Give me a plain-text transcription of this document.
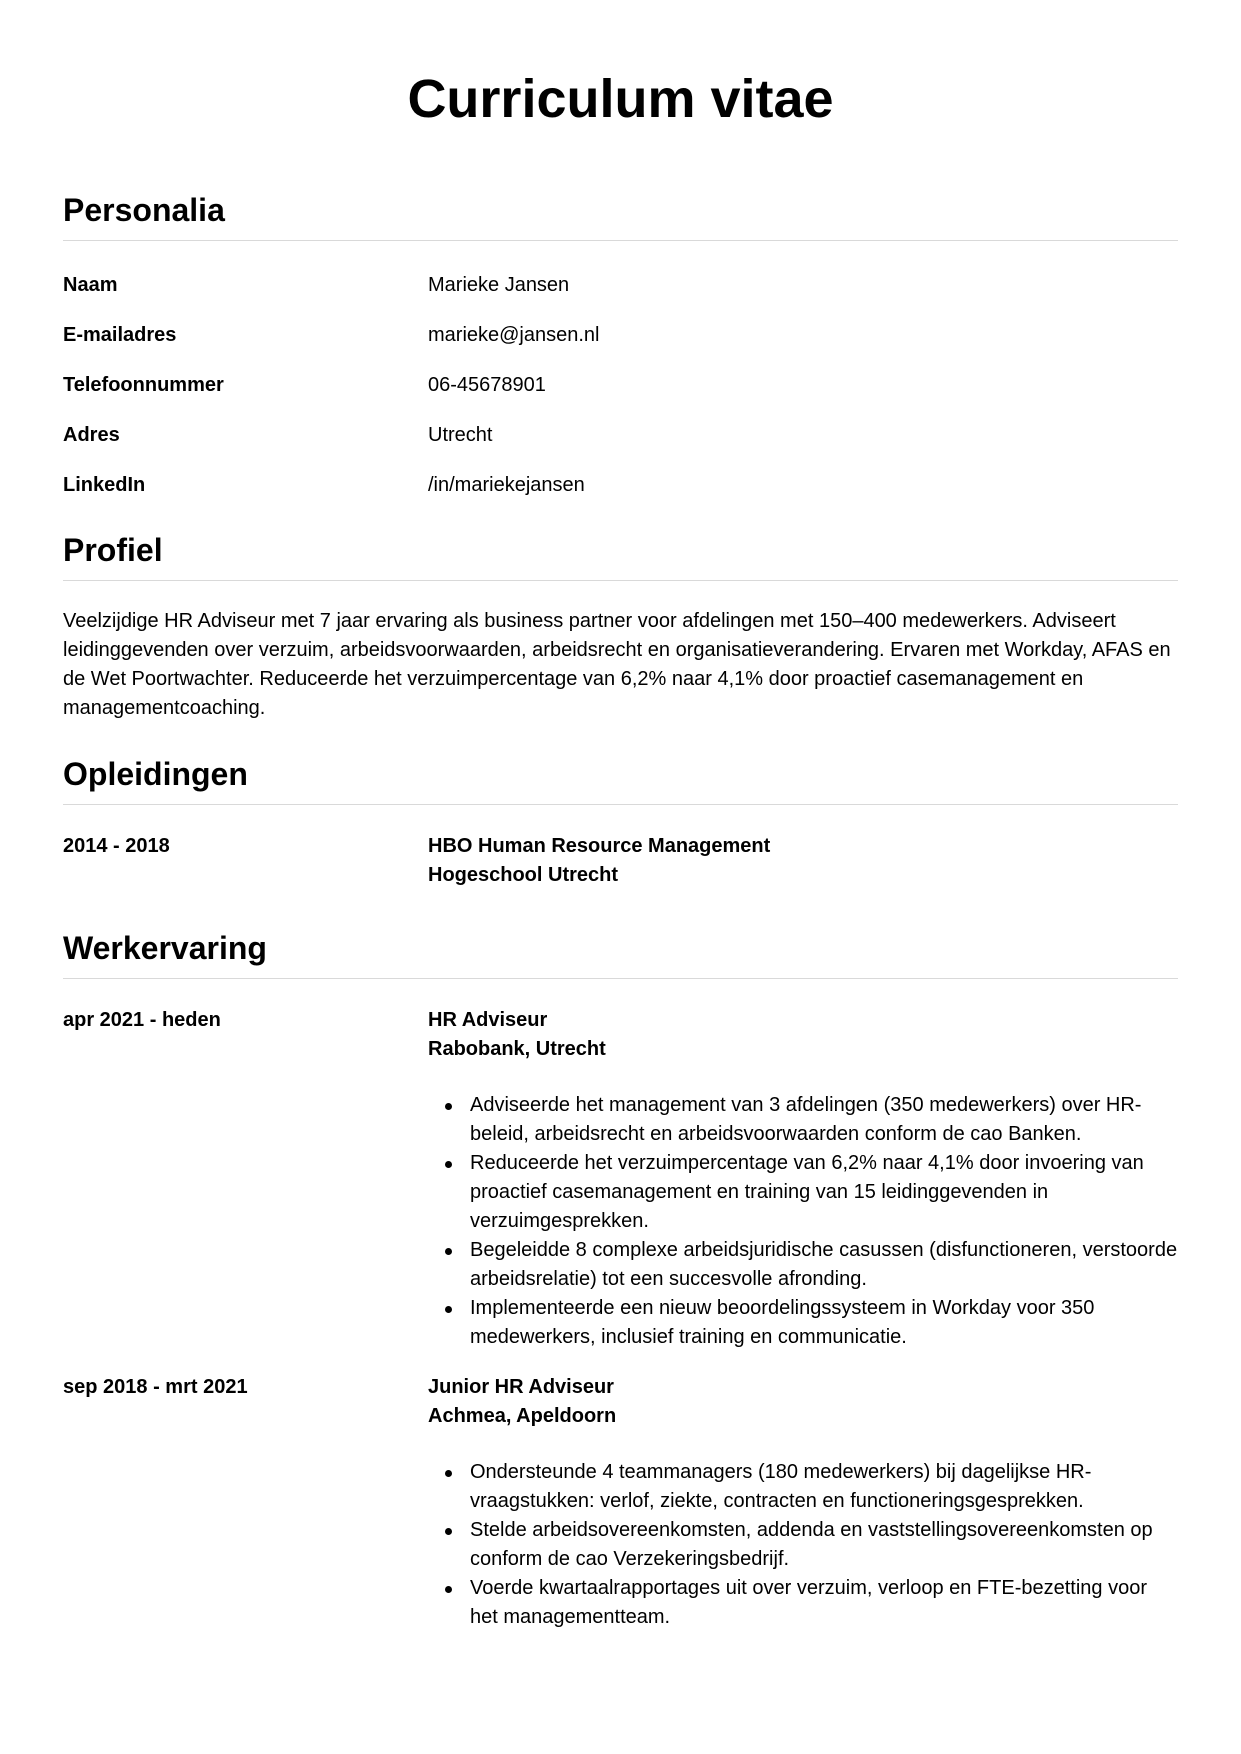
Curriculum vitae
Personalia
Naam	Marieke Jansen
E-mailadres	marieke@jansen.nl
Telefoonnummer	06-45678901
Adres	Utrecht
LinkedIn	/in/mariekejansen
Profiel

Veelzijdige HR Adviseur met 7 jaar ervaring als business partner voor afdelingen met 150–400 medewerkers. Adviseert leidinggevenden over verzuim, arbeidsvoorwaarden, arbeidsrecht en organisatieverandering. Ervaren met Workday, AFAS en de Wet Poortwachter. Reduceerde het verzuimpercentage van 6,2% naar 4,1% door proactief casemanagement en managementcoaching.

Opleidingen
2014 - 2018	HBO Human Resource Management
Hogeschool Utrecht
Werkervaring
apr 2021 - heden	HR Adviseur
Rabobank, Utrecht
Adviseerde het management van 3 afdelingen (350 medewerkers) over HR-beleid, arbeidsrecht en arbeidsvoorwaarden conform de cao Banken.
Reduceerde het verzuimpercentage van 6,2% naar 4,1% door invoering van proactief casemanagement en training van 15 leidinggevenden in verzuimgesprekken.
Begeleidde 8 complexe arbeidsjuridische casussen (disfunctioneren, verstoorde arbeidsrelatie) tot een succesvolle afronding.
Implementeerde een nieuw beoordelingssysteem in Workday voor 350 medewerkers, inclusief training en communicatie.
sep 2018 - mrt 2021	Junior HR Adviseur
Achmea, Apeldoorn
Ondersteunde 4 teammanagers (180 medewerkers) bij dagelijkse HR-vraagstukken: verlof, ziekte, contracten en functioneringsgesprekken.
Stelde arbeidsovereenkomsten, addenda en vaststellingsovereenkomsten op conform de cao Verzekeringsbedrijf.
Voerde kwartaalrapportages uit over verzuim, verloop en FTE-bezetting voor het managementteam.
